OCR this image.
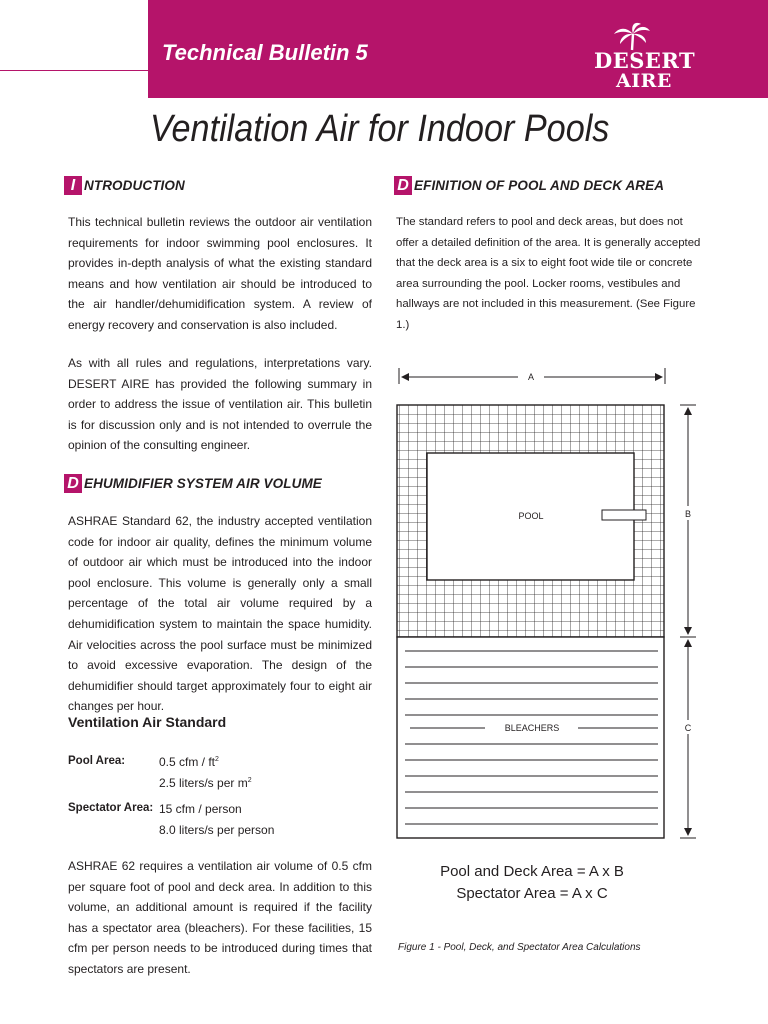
Technical Bulletin 5	DESERT
AIRE
Ventilation Air for Indoor Pools
I NTRODUCTION
This technical bulletin reviews the outdoor air ventilation requirements for indoor swimming pool enclosures. It provides in-depth analysis of what the existing standard means and how ventilation air should be introduced to the air handler/dehumidification system. A review of energy recovery and conservation is also included.
As with all rules and regulations, interpretations vary. DESERT AIRE has provided the following summary in order to address the issue of ventilation air. This bulletin is for discussion only and is not intended to overrule the opinion of the consulting engineer.
D EHUMIDIFIER SYSTEM AIR VOLUME
ASHRAE Standard 62, the industry accepted ventilation code for indoor air quality, defines the minimum volume of outdoor air which must be introduced into the indoor pool enclosure. This volume is generally only a small percentage of the total air volume required by a dehumidification system to maintain the space humidity. Air velocities across the pool surface must be minimized to avoid excessive evaporation. The design of the dehumidifier should target approximately four to eight air changes per hour.
Ventilation Air Standard
Pool Area:	0.5 cfm / $ft^2$
2.5 liters/s per $m^2$
Spectator Area: 15 cfm / person
8.0 liters/s per person
ASHRAE 62 requires a ventilation air volume of 0.5 cfm per square foot of pool and deck area. In addition to this volume, an additional amount is required if the facility has a spectator area (bleachers). For these facilities, 15 cfm per person needs to be introduced during times that spectators are present.
D EFINITION OF POOL AND DECK AREA
The standard refers to pool and deck areas, but does not offer a detailed definition of the area. It is generally accepted that the deck area is a six to eight foot wide tile or concrete area surrounding the pool. Locker rooms, vestibules and hallways are not included in this measurement. (See Figure 1.)
A
POOL
BLEACHERS
B
C
Pool and Deck Area = A x B
Spectator Area = A x C
Figure 1 - Pool, Deck, and Spectator Area Calculations
